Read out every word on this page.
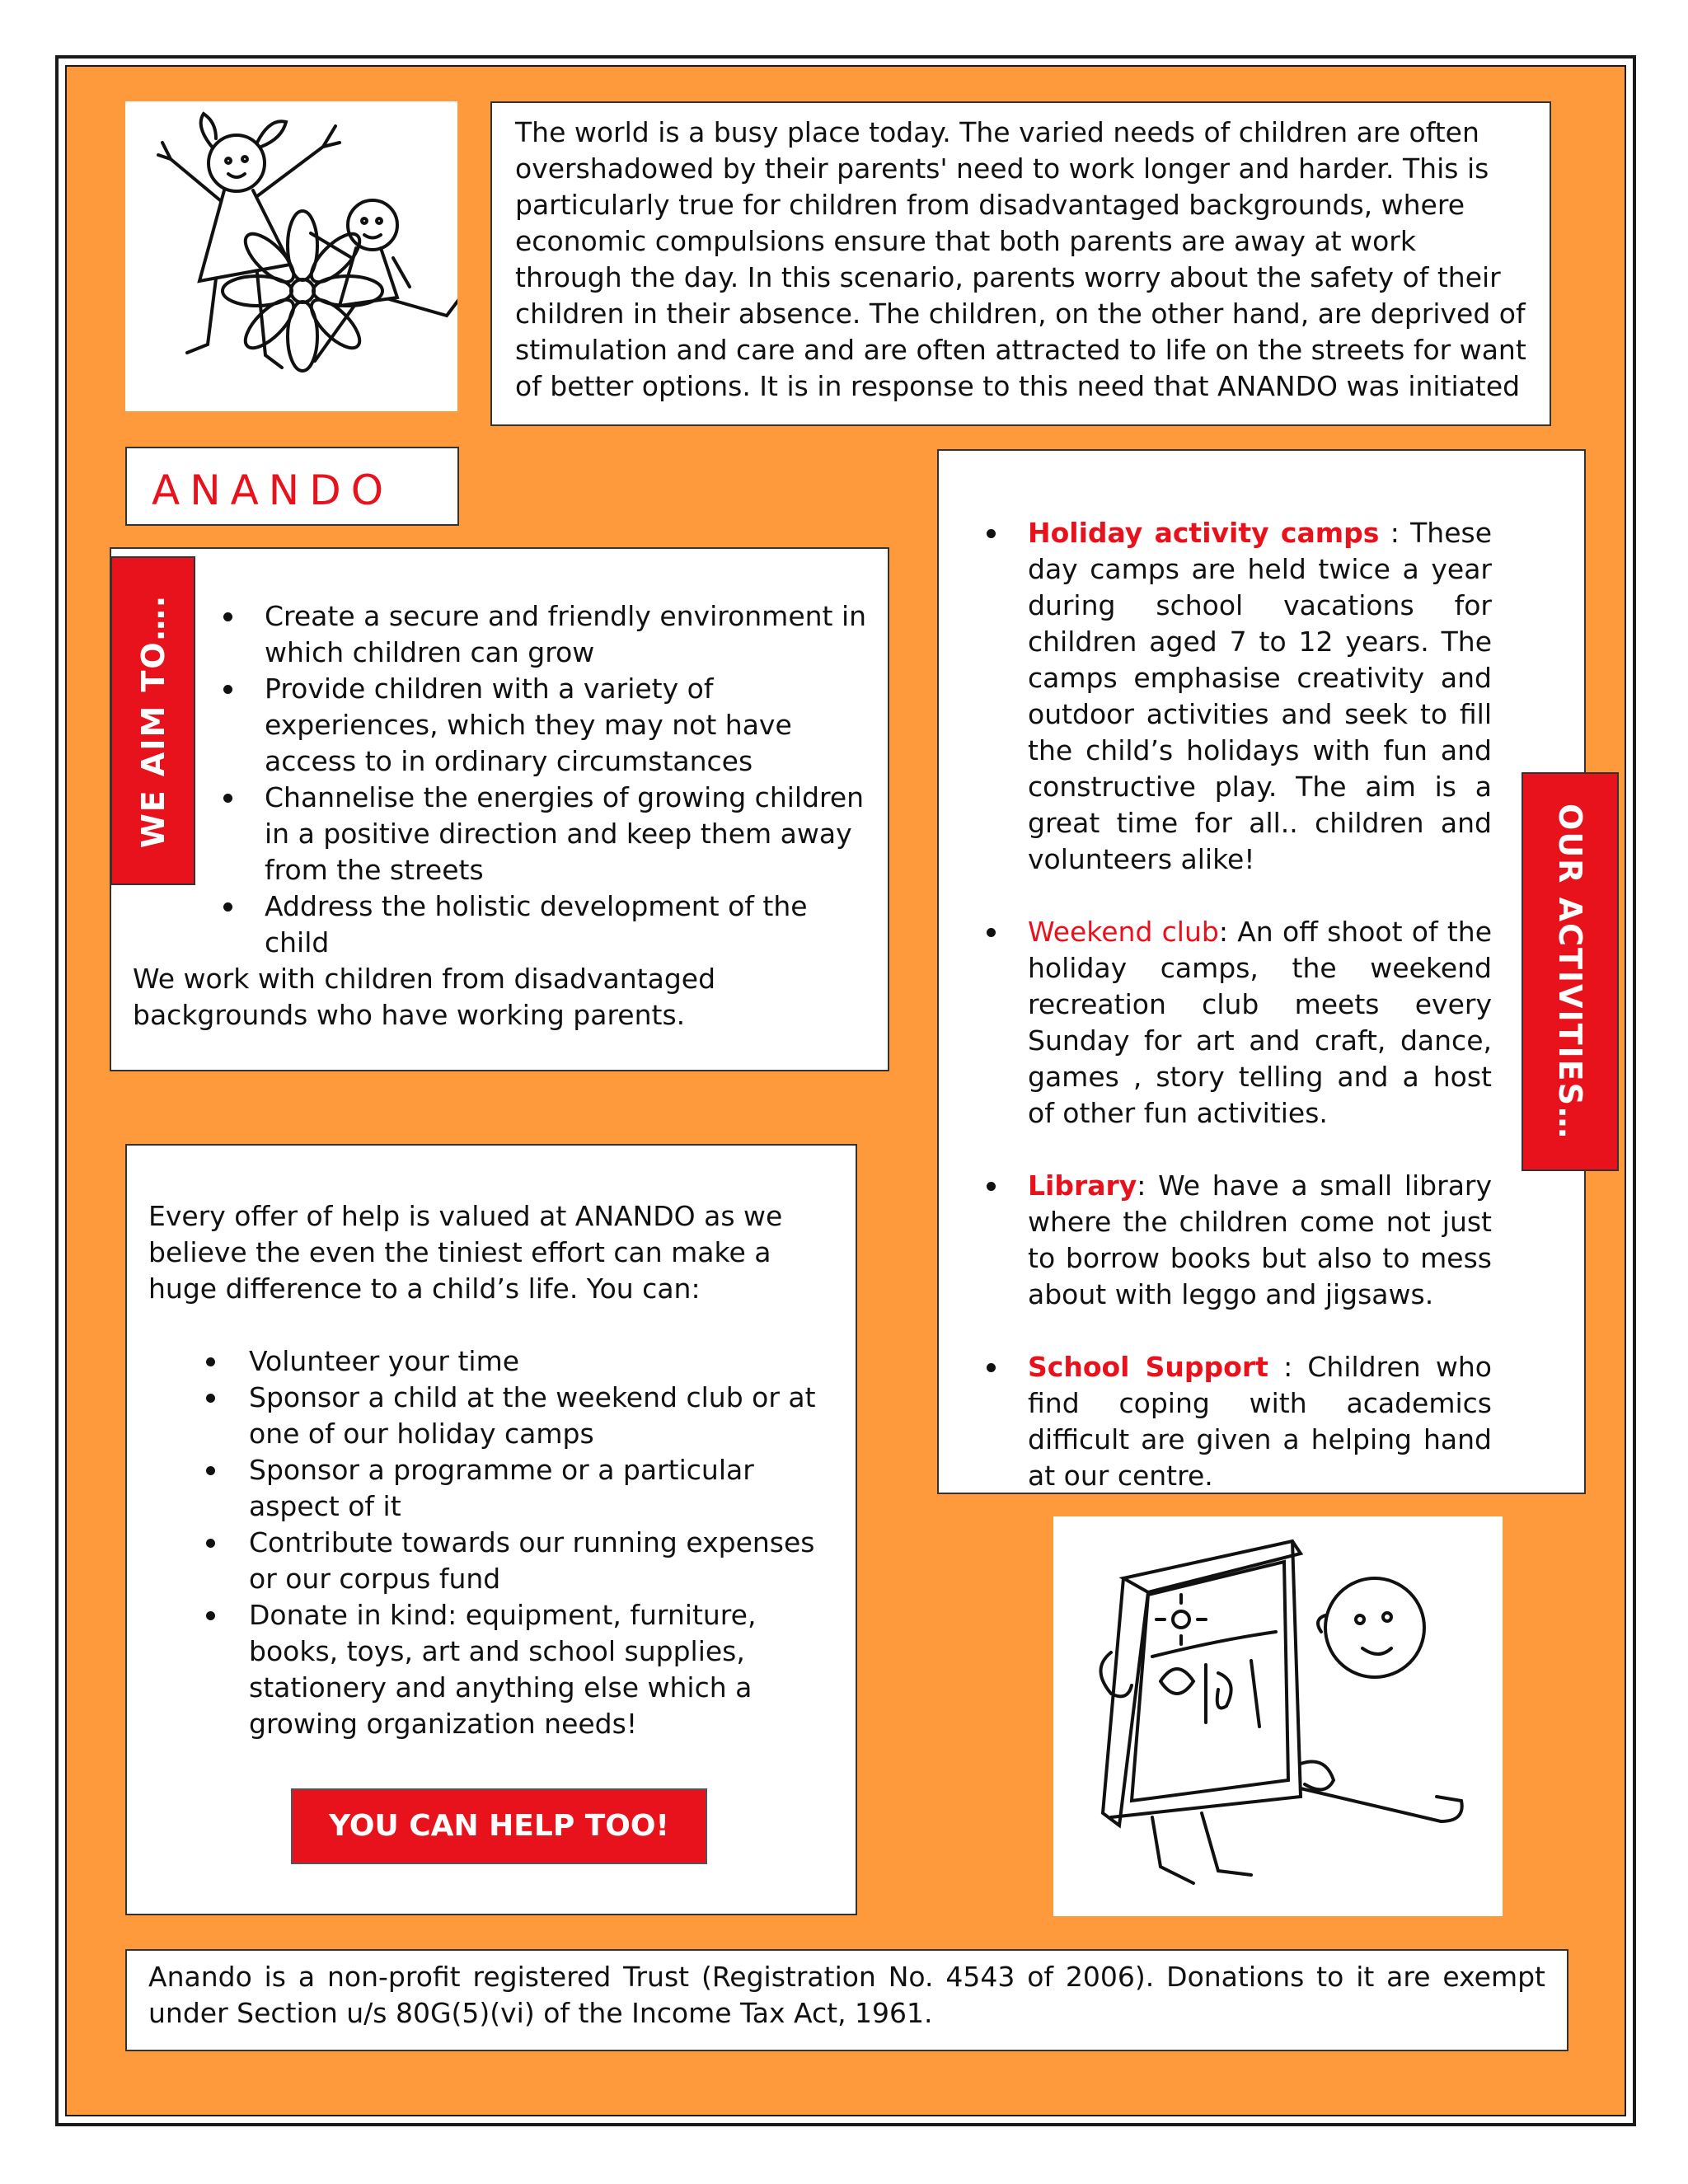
The world is a busy place today. The varied needs of children are often overshadowed by their parents' need to work longer and harder. This is particularly true for children from disadvantaged backgrounds, where economic compulsions ensure that both parents are away at work through the day. In this scenario, parents worry about the safety of their children in their absence. The children, on the other hand, are deprived of stimulation and care and are often attracted to life on the streets for want of better options. It is in response to this need that ANANDO was initiated
ANANDO
Create a secure and friendly environment in which children can grow
Provide children with a variety of experiences, which they may not have access to in ordinary circumstances
Channelise the energies of growing children in a positive direction and keep them away from the streets
Address the holistic development of the child
We work with children from disadvantaged backgrounds who have working parents.
WE AIM TO….
Holiday activity camps : These day camps are held twice a year during school vacations for children aged 7 to 12 years. The camps emphasise creativity and outdoor activities and seek to fill the child’s holidays with fun and constructive play. The aim is a great time for all.. children and volunteers alike!
Weekend club: An off shoot of the holiday camps, the weekend recreation club meets every Sunday for art and craft, dance, games , story telling and a host of other fun activities.
Library: We have a small library where the children come not just to borrow books but also to mess about with leggo and jigsaws.
School Support : Children who find coping with academics difficult are given a helping hand at our centre.
OUR ACTIVITIES…
Every offer of help is valued at ANANDO as we believe the even the tiniest effort can make a huge difference to a child’s life. You can:
Volunteer your time
Sponsor a child at the weekend club or at one of our holiday camps
Sponsor a programme or a particular aspect of it
Contribute towards our running expenses or our corpus fund
Donate in kind: equipment, furniture, books, toys, art and school supplies, stationery and anything else which a growing organization needs!
YOU CAN HELP TOO!
Anando is a non-profit registered Trust (Registration No. 4543 of 2006). Donations to it are exempt under Section u/s 80G(5)(vi) of the Income Tax Act, 1961.
